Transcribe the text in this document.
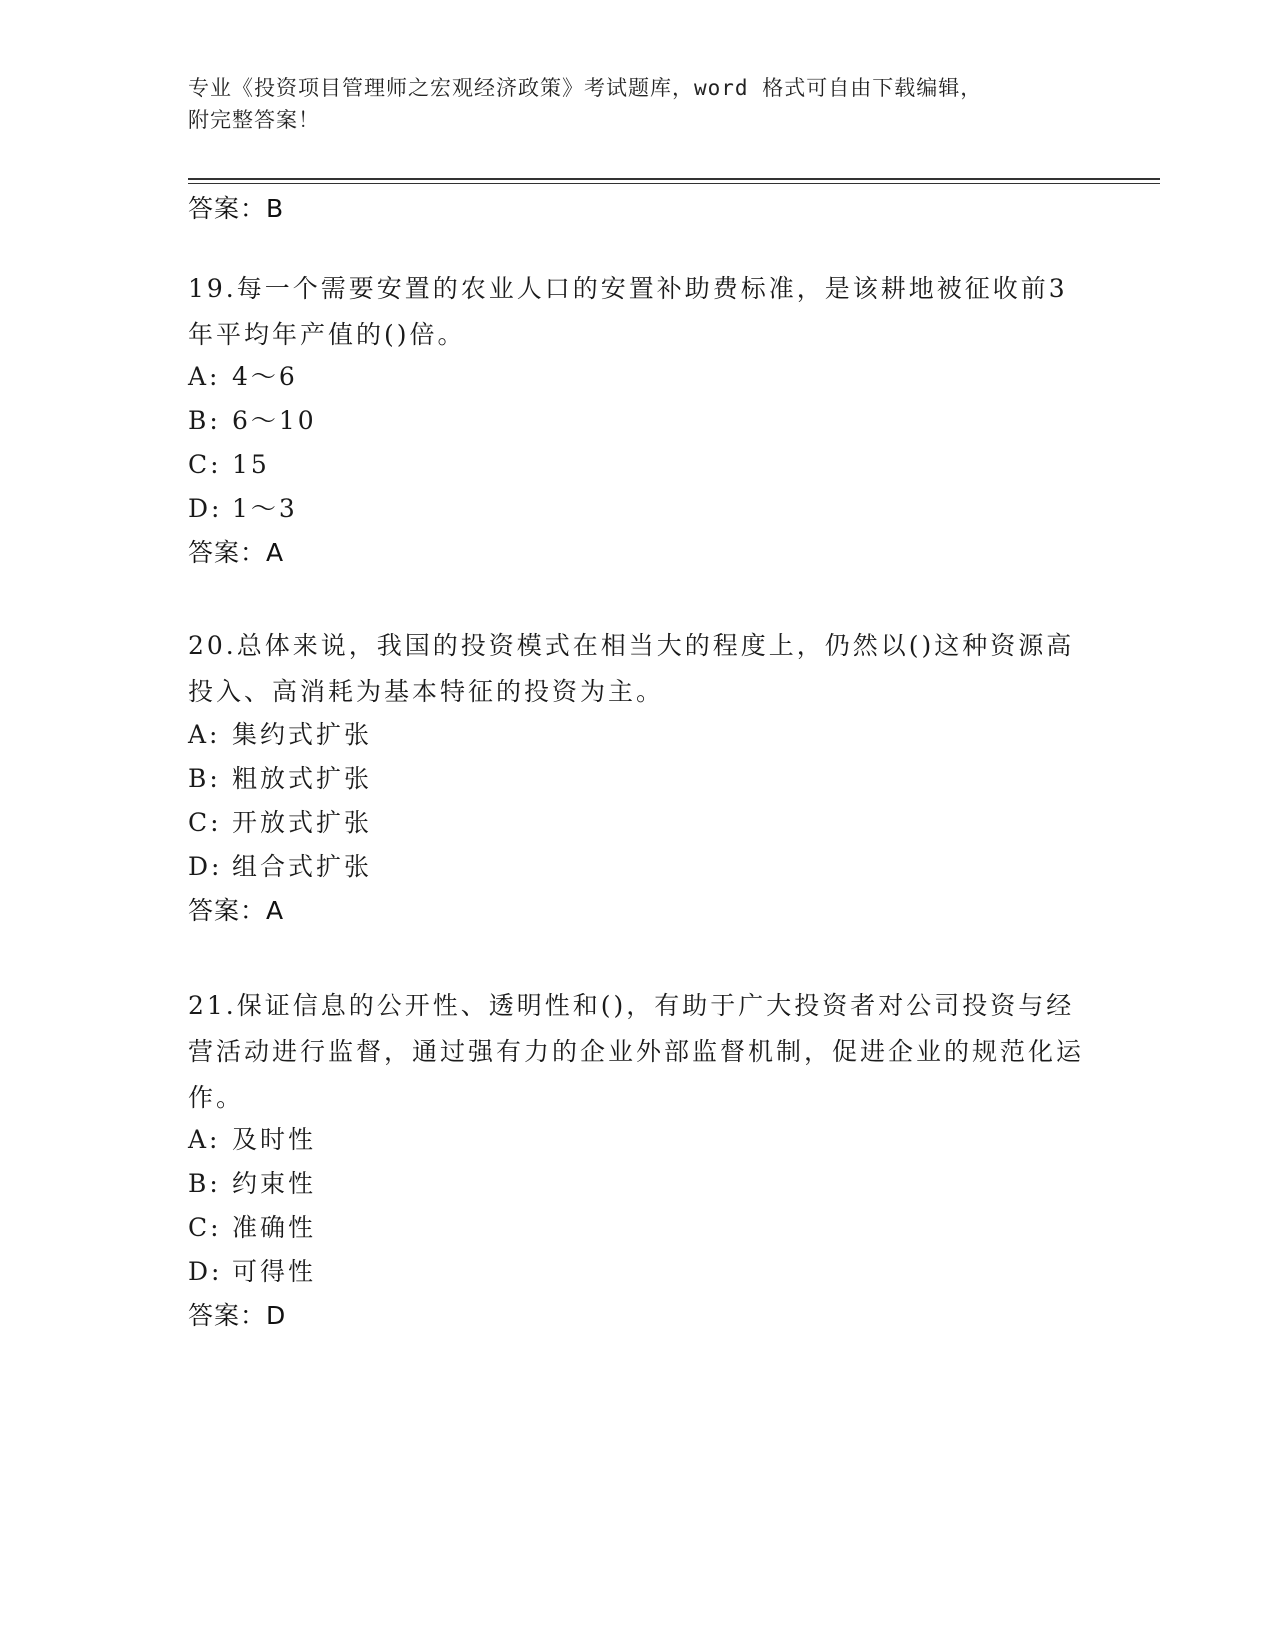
专业《投资项目管理师之宏观经济政策》考试题库，word 格式可自由下载编辑，
附完整答案！
答案：B
19.每一个需要安置的农业人口的安置补助费标准，是该耕地被征收前3年平均年产值的()倍。
A: 4～6
B: 6～10
C: 15
D: 1～3
答案：A
20.总体来说，我国的投资模式在相当大的程度上，仍然以()这种资源高投入、高消耗为基本特征的投资为主。
A: 集约式扩张
B: 粗放式扩张
C: 开放式扩张
D: 组合式扩张
答案：A
21.保证信息的公开性、透明性和()，有助于广大投资者对公司投资与经营活动进行监督，通过强有力的企业外部监督机制，促进企业的规范化运作。
A: 及时性
B: 约束性
C: 准确性
D: 可得性
答案：D
